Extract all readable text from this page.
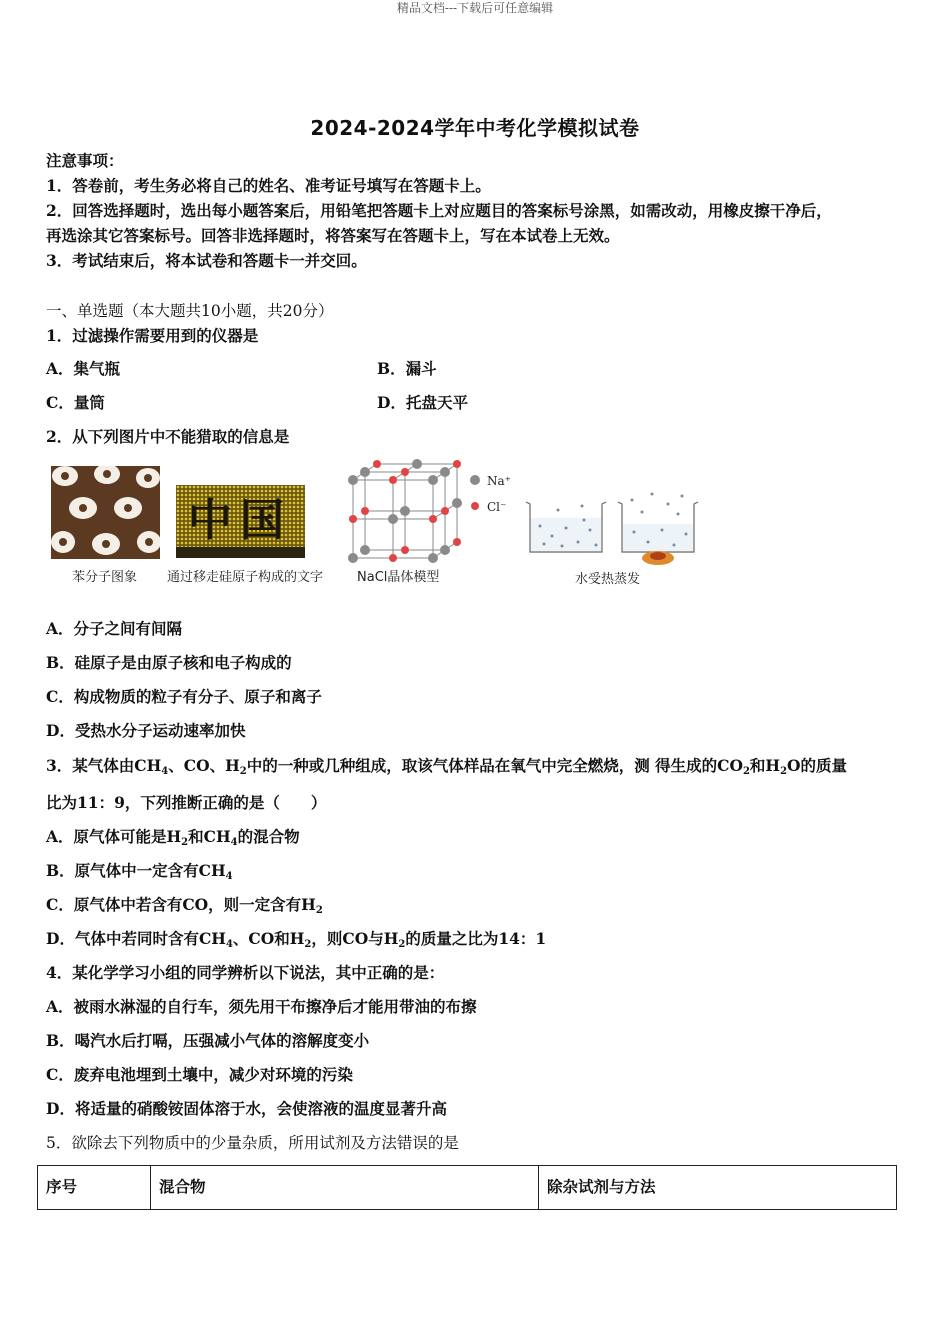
精品文档---下载后可任意编辑
2024-2024学年中考化学模拟试卷
注意事项：
1．答卷前，考生务必将自己的姓名、准考证号填写在答题卡上。
2．回答选择题时，选出每小题答案后，用铅笔把答题卡上对应题目的答案标号涂黑，如需改动，用橡皮擦干净后，
再选涂其它答案标号。回答非选择题时，将答案写在答题卡上，写在本试卷上无效。
3．考试结束后，将本试卷和答题卡一并交回。
一、单选题（本大题共10小题，共20分）
1．过滤操作需要用到的仪器是
A．集气瓶	B．漏斗
C．量筒	D．托盘天平
2．从下列图片中不能猎取的信息是
苯分子图象
中国
通过移走硅原子构成的文字
Na⁺
Cl⁻
NaCl晶体模型	水受热蒸发
A．分子之间有间隔
B．硅原子是由原子核和电子构成的
C．构成物质的粒子有分子、原子和离子
D．受热水分子运动速率加快
3．某气体由$CH_4$、CO、$H_2$中的一种或几种组成，取该气体样品在氧气中完全燃烧，测 得生成的$CO_2$和$H_2O$的质量
比为11：9，下列推断正确的是（　　）
A．原气体可能是$H_2$和$CH_4$的混合物
B．原气体中一定含有$CH_4$
C．原气体中若含有CO，则一定含有$H_2$
D．气体中若同时含有$CH_4$、CO和$H_2$，则CO与$H_2$的质量之比为14：1
4．某化学学习小组的同学辨析以下说法，其中正确的是：
A．被雨水淋湿的自行车，须先用干布擦净后才能用带油的布擦
B．喝汽水后打嗝，压强减小气体的溶解度变小
C．废弃电池埋到土壤中，减少对环境的污染
D．将适量的硝酸铵固体溶于水，会使溶液的温度显著升高
5．欲除去下列物质中的少量杂质，所用试剂及方法错误的是
序号	混合物	除杂试剂与方法
